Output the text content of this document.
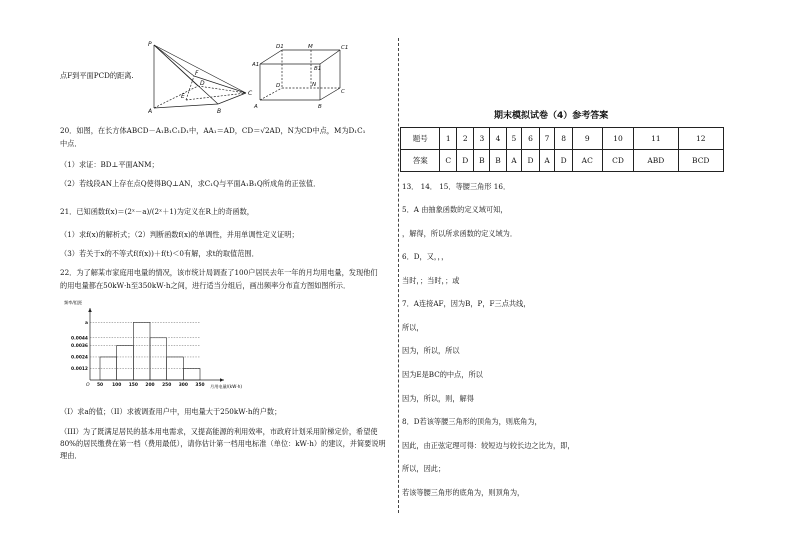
P
F
E
D
C
A	B
D1	M	C1
A1
B1
D	N
C
A	B
点F到平面PCD的距离.
20．如图，在长方体ABCD－A₁B₁C₁D₁中，AA₁＝AD，CD＝√2AD，N为CD中点，M为D₁C₁
中点．
（1）求证：BD⊥平面ANM；
（2）若线段AN上存在点Q使得BQ⊥AN，求C₁Q与平面A₁B₁Q所成角的正弦值．
21．已知函数f(x)＝(2ˣ－a)/(2ˣ＋1)为定义在R上的奇函数，
（1）求f(x)的解析式；（2）判断函数f(x)的单调性，并用单调性定义证明；
（3）若关于x的不等式f(f(x))＋f(t)＜0有解，求t的取值范围．
22．为了解某市家庭用电量的情况，该市统计局调查了100户居民去年一年的月均用电量，发现他们
的用电量都在50kW·h至350kW·h之间，进行适当分组后，画出频率分布直方图如图所示．
频率/组距
0.0012
0.0024
0.0036
0.0044
a
50 100 150 200 250 300 350
O	月用电量/(kW·h)
（I）求a的值；（II）求被调查用户中，用电量大于250kW·h的户数；
（III）为了既满足居民的基本用电需求，又提高能源的利用效率，市政府计划采用阶梯定价，希望使
80%的居民缴费在第一档（费用最低），请你估计第一档用电标准（单位：kW·h）的建议，并简要说明
理由．
期末模拟试卷（4）参考答案
题号	1	2	3	4	5	6	7	8	9	10	11	12
答案	C	D	B	B	A	D	A	D	AC	CD	ABD	BCD
13． 14． 15．等腰三角形 16．
5．A 由抽象函数的定义域可知，
，解得，所以所求函数的定义域为．
6．D，又，，，
当时，；当时，；或
7．A连接AF，因为B，P，F三点共线，
所以，
因为，所以，所以
因为E是BC的中点，所以
因为，所以，则，解得
8．D若该等腰三角形的顶角为，则底角为，
因此，由正弦定理可得：较短边与较长边之比为，即，
所以，因此；
若该等腰三角形的底角为，则顶角为，
